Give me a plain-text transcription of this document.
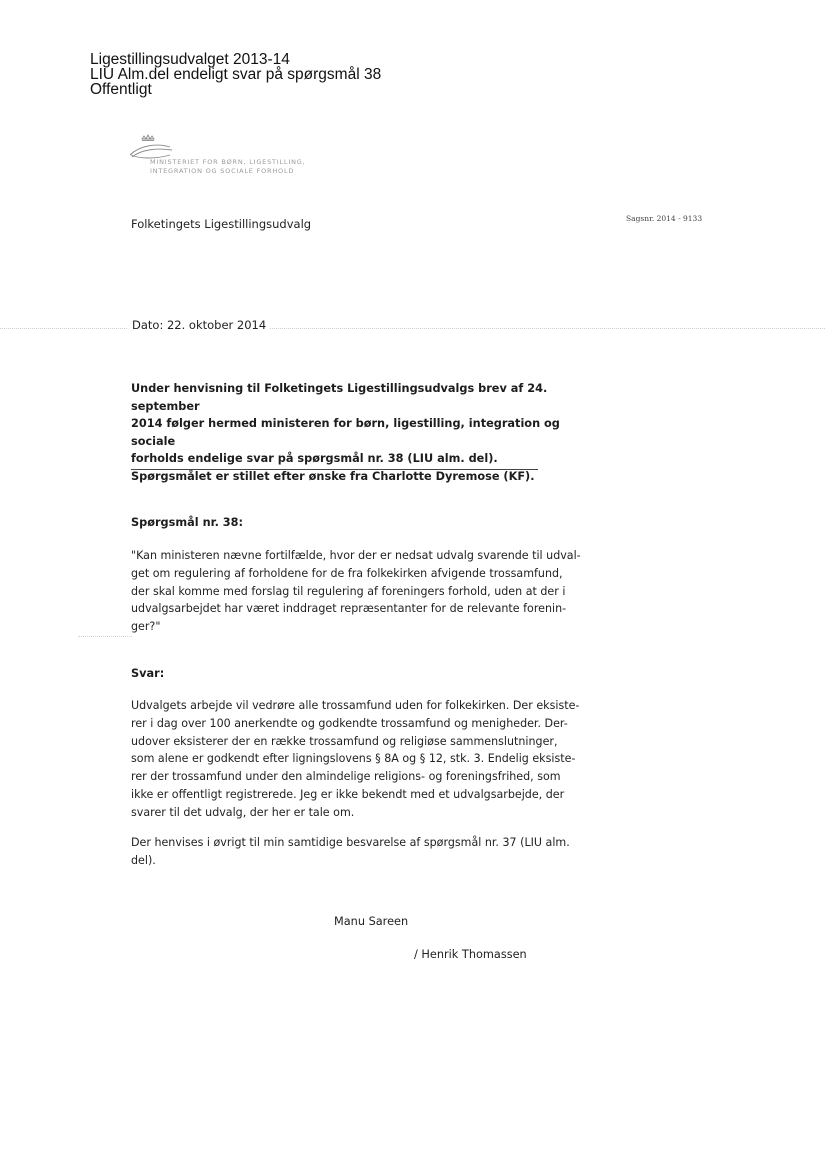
Ligestillingsudvalget 2013-14
LIU Alm.del endeligt svar på spørgsmål 38
Offentligt
MINISTERIET FOR BØRN, LIGESTILLING,
INTEGRATION OG SOCIALE FORHOLD
Folketingets Ligestillingsudvalg	Sagsnr. 2014 - 9133
Dato: 22. oktober 2014

Under henvisning til Folketingets Ligestillingsudvalgs brev af 24. september

2014 følger hermed ministeren for børn, ligestilling, integration og sociale

forholds endelige svar på spørgsmål nr. 38 (LIU alm. del).

Spørgsmålet er stillet efter ønske fra Charlotte Dyremose (KF).

Spørgsmål nr. 38:

"Kan ministeren nævne fortilfælde, hvor der er nedsat udvalg svarende til udval-

get om regulering af forholdene for de fra folkekirken afvigende trossamfund,

der skal komme med forslag til regulering af foreningers forhold, uden at der i

udvalgsarbejdet har været inddraget repræsentanter for de relevante forenin-

ger?"

Svar:

Udvalgets arbejde vil vedrøre alle trossamfund uden for folkekirken. Der eksiste-

rer i dag over 100 anerkendte og godkendte trossamfund og menigheder. Der-

udover eksisterer der en række trossamfund og religiøse sammenslutninger,

som alene er godkendt efter ligningslovens § 8A og § 12, stk. 3. Endelig eksiste-

rer der trossamfund under den almindelige religions- og foreningsfrihed, som

ikke er offentligt registrerede. Jeg er ikke bekendt med et udvalgsarbejde, der

svarer til det udvalg, der her er tale om.

Der henvises i øvrigt til min samtidige besvarelse af spørgsmål nr. 37 (LIU alm.

del).

Manu Sareen
/ Henrik Thomassen
